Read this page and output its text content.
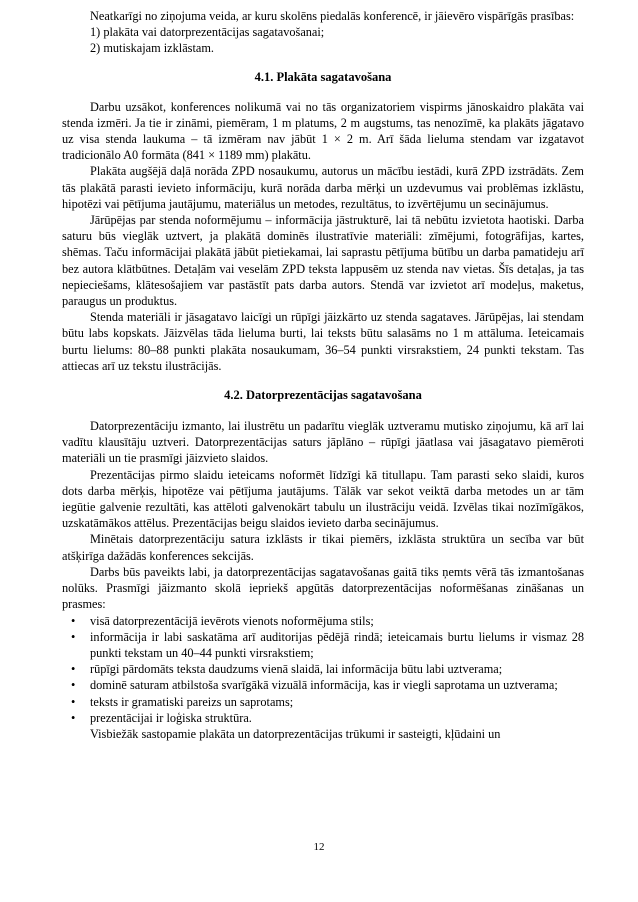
Neatkarīgi no ziņojuma veida, ar kuru skolēns piedalās konferencē, ir jāievēro vispārīgās prasības:

1) plakāta vai datorprezentācijas sagatavošanai;

2) mutiskajam izklāstam.

4.1. Plakāta sagatavošana

Darbu uzsākot, konferences nolikumā vai no tās organizatoriem vispirms jānoskaidro plakāta vai stenda izmēri. Ja tie ir zināmi, piemēram, 1 m platums, 2 m augstums, tas nenozīmē, ka plakāts jāgatavo uz visa stenda laukuma – tā izmēram nav jābūt 1 × 2 m. Arī šāda lieluma stendam var izgatavot tradicionālo A0 formāta (841 × 1189 mm) plakātu.

Plakāta augšējā daļā norāda ZPD nosaukumu, autorus un mācību iestādi, kurā ZPD izstrādāts. Zem tās plakātā parasti ievieto informāciju, kurā norāda darba mērķi un uzdevumus vai problēmas izklāstu, hipotēzi vai pētījuma jautājumu, materiālus un metodes, rezultātus, to izvērtējumu un secinājumus.

Jārūpējas par stenda noformējumu – informācija jāstrukturē, lai tā nebūtu izvietota haotiski. Darba saturu būs vieglāk uztvert, ja plakātā dominēs ilustratīvie materiāli: zīmējumi, fotogrāfijas, kartes, shēmas. Taču informācijai plakātā jābūt pietiekamai, lai saprastu pētījuma būtību un darba pamatideju arī bez autora klātbūtnes. Detaļām vai veselām ZPD teksta lappusēm uz stenda nav vietas. Šīs detaļas, ja tas nepieciešams, klātesošajiem var pastāstīt pats darba autors. Stendā var izvietot arī modeļus, maketus, paraugus un produktus.

Stenda materiāli ir jāsagatavo laicīgi un rūpīgi jāizkārto uz stenda sagataves. Jārūpējas, lai stendam būtu labs kopskats. Jāizvēlas tāda lieluma burti, lai teksts būtu salasāms no 1 m attāluma. Ieteicamais burtu lielums: 80–88 punkti plakāta nosaukumam, 36–54 punkti virsrakstiem, 24 punkti tekstam. Tas attiecas arī uz tekstu ilustrācijās.

4.2. Datorprezentācijas sagatavošana

Datorprezentāciju izmanto, lai ilustrētu un padarītu vieglāk uztveramu mutisko ziņojumu, kā arī lai vadītu klausītāju uztveri. Datorprezentācijas saturs jāplāno – rūpīgi jāatlasa vai jāsagatavo piemēroti materiāli un tie prasmīgi jāizvieto slaidos.

Prezentācijas pirmo slaidu ieteicams noformēt līdzīgi kā titullapu. Tam parasti seko slaidi, kuros dots darba mērķis, hipotēze vai pētījuma jautājums. Tālāk var sekot veiktā darba metodes un ar tām iegūtie galvenie rezultāti, kas attēloti galvenokārt tabulu un ilustrāciju veidā. Izvēlas tikai nozīmīgākos, uzskatāmākos attēlus. Prezentācijas beigu slaidos ievieto darba secinājumus.

Minētais datorprezentāciju satura izklāsts ir tikai piemērs, izklāsta struktūra un secība var būt atšķirīga dažādās konferences sekcijās.

Darbs būs paveikts labi, ja datorprezentācijas sagatavošanas gaitā tiks ņemts vērā tās izmantošanas nolūks. Prasmīgi jāizmanto skolā iepriekš apgūtās datorprezentācijas noformēšanas zināšanas un prasmes:

• visā datorprezentācijā ievērots vienots noformējuma stils;
• informācija ir labi saskatāma arī auditorijas pēdējā rindā; ieteicamais burtu lielums ir vismaz 28 punkti tekstam un 40–44 punkti virsrakstiem;
• rūpīgi pārdomāts teksta daudzums vienā slaidā, lai informācija būtu labi uztverama;
• dominē saturam atbilstoša svarīgākā vizuālā informācija, kas ir viegli saprotama un uztverama;
• teksts ir gramatiski pareizs un saprotams;
• prezentācijai ir loģiska struktūra.

Visbiežāk sastopamie plakāta un datorprezentācijas trūkumi ir sasteigti, kļūdaini un

12
